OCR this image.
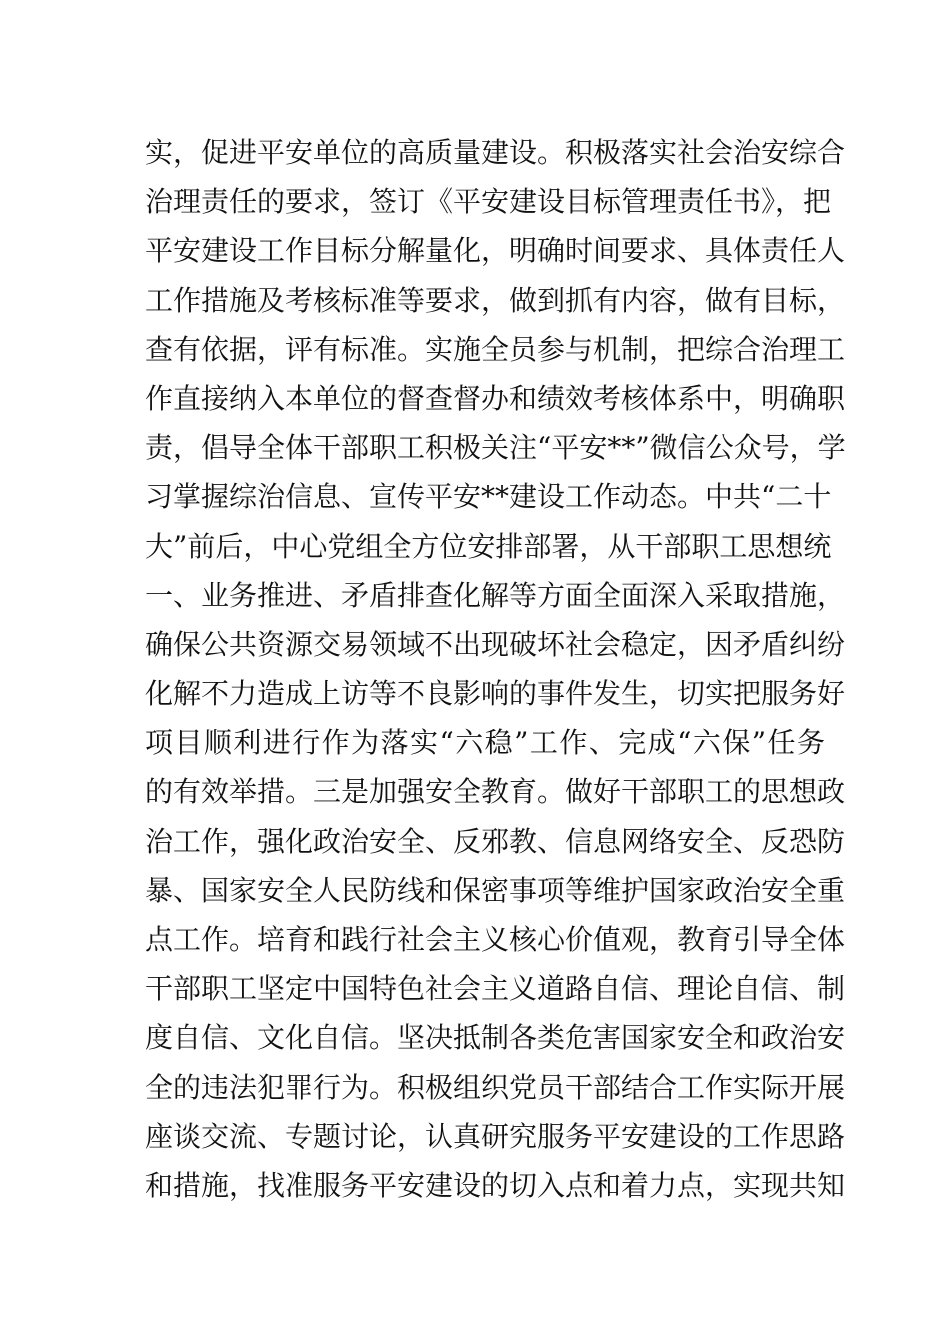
实，促进平安单位的高质量建设。积极落实社会治安综合
治理责任的要求，签订《平安建设目标管理责任书》，把
平安建设工作目标分解量化，明确时间要求、具体责任人
工作措施及考核标准等要求，做到抓有内容，做有目标，
查有依据，评有标准。实施全员参与机制，把综合治理工
作直接纳入本单位的督查督办和绩效考核体系中，明确职
责，倡导全体干部职工积极关注“平安**”微信公众号，学
习掌握综治信息、宣传平安**建设工作动态。中共“二十
大”前后，中心党组全方位安排部署，从干部职工思想统
一、业务推进、矛盾排查化解等方面全面深入采取措施，
确保公共资源交易领域不出现破坏社会稳定，因矛盾纠纷
化解不力造成上访等不良影响的事件发生，切实把服务好
项目顺利进行作为落实“六稳”工作、完成“六保”任务
的有效举措。三是加强安全教育。做好干部职工的思想政
治工作，强化政治安全、反邪教、信息网络安全、反恐防
暴、国家安全人民防线和保密事项等维护国家政治安全重
点工作。培育和践行社会主义核心价值观，教育引导全体
干部职工坚定中国特色社会主义道路自信、理论自信、制
度自信、文化自信。坚决抵制各类危害国家安全和政治安
全的违法犯罪行为。积极组织党员干部结合工作实际开展
座谈交流、专题讨论，认真研究服务平安建设的工作思路
和措施，找准服务平安建设的切入点和着力点，实现共知
